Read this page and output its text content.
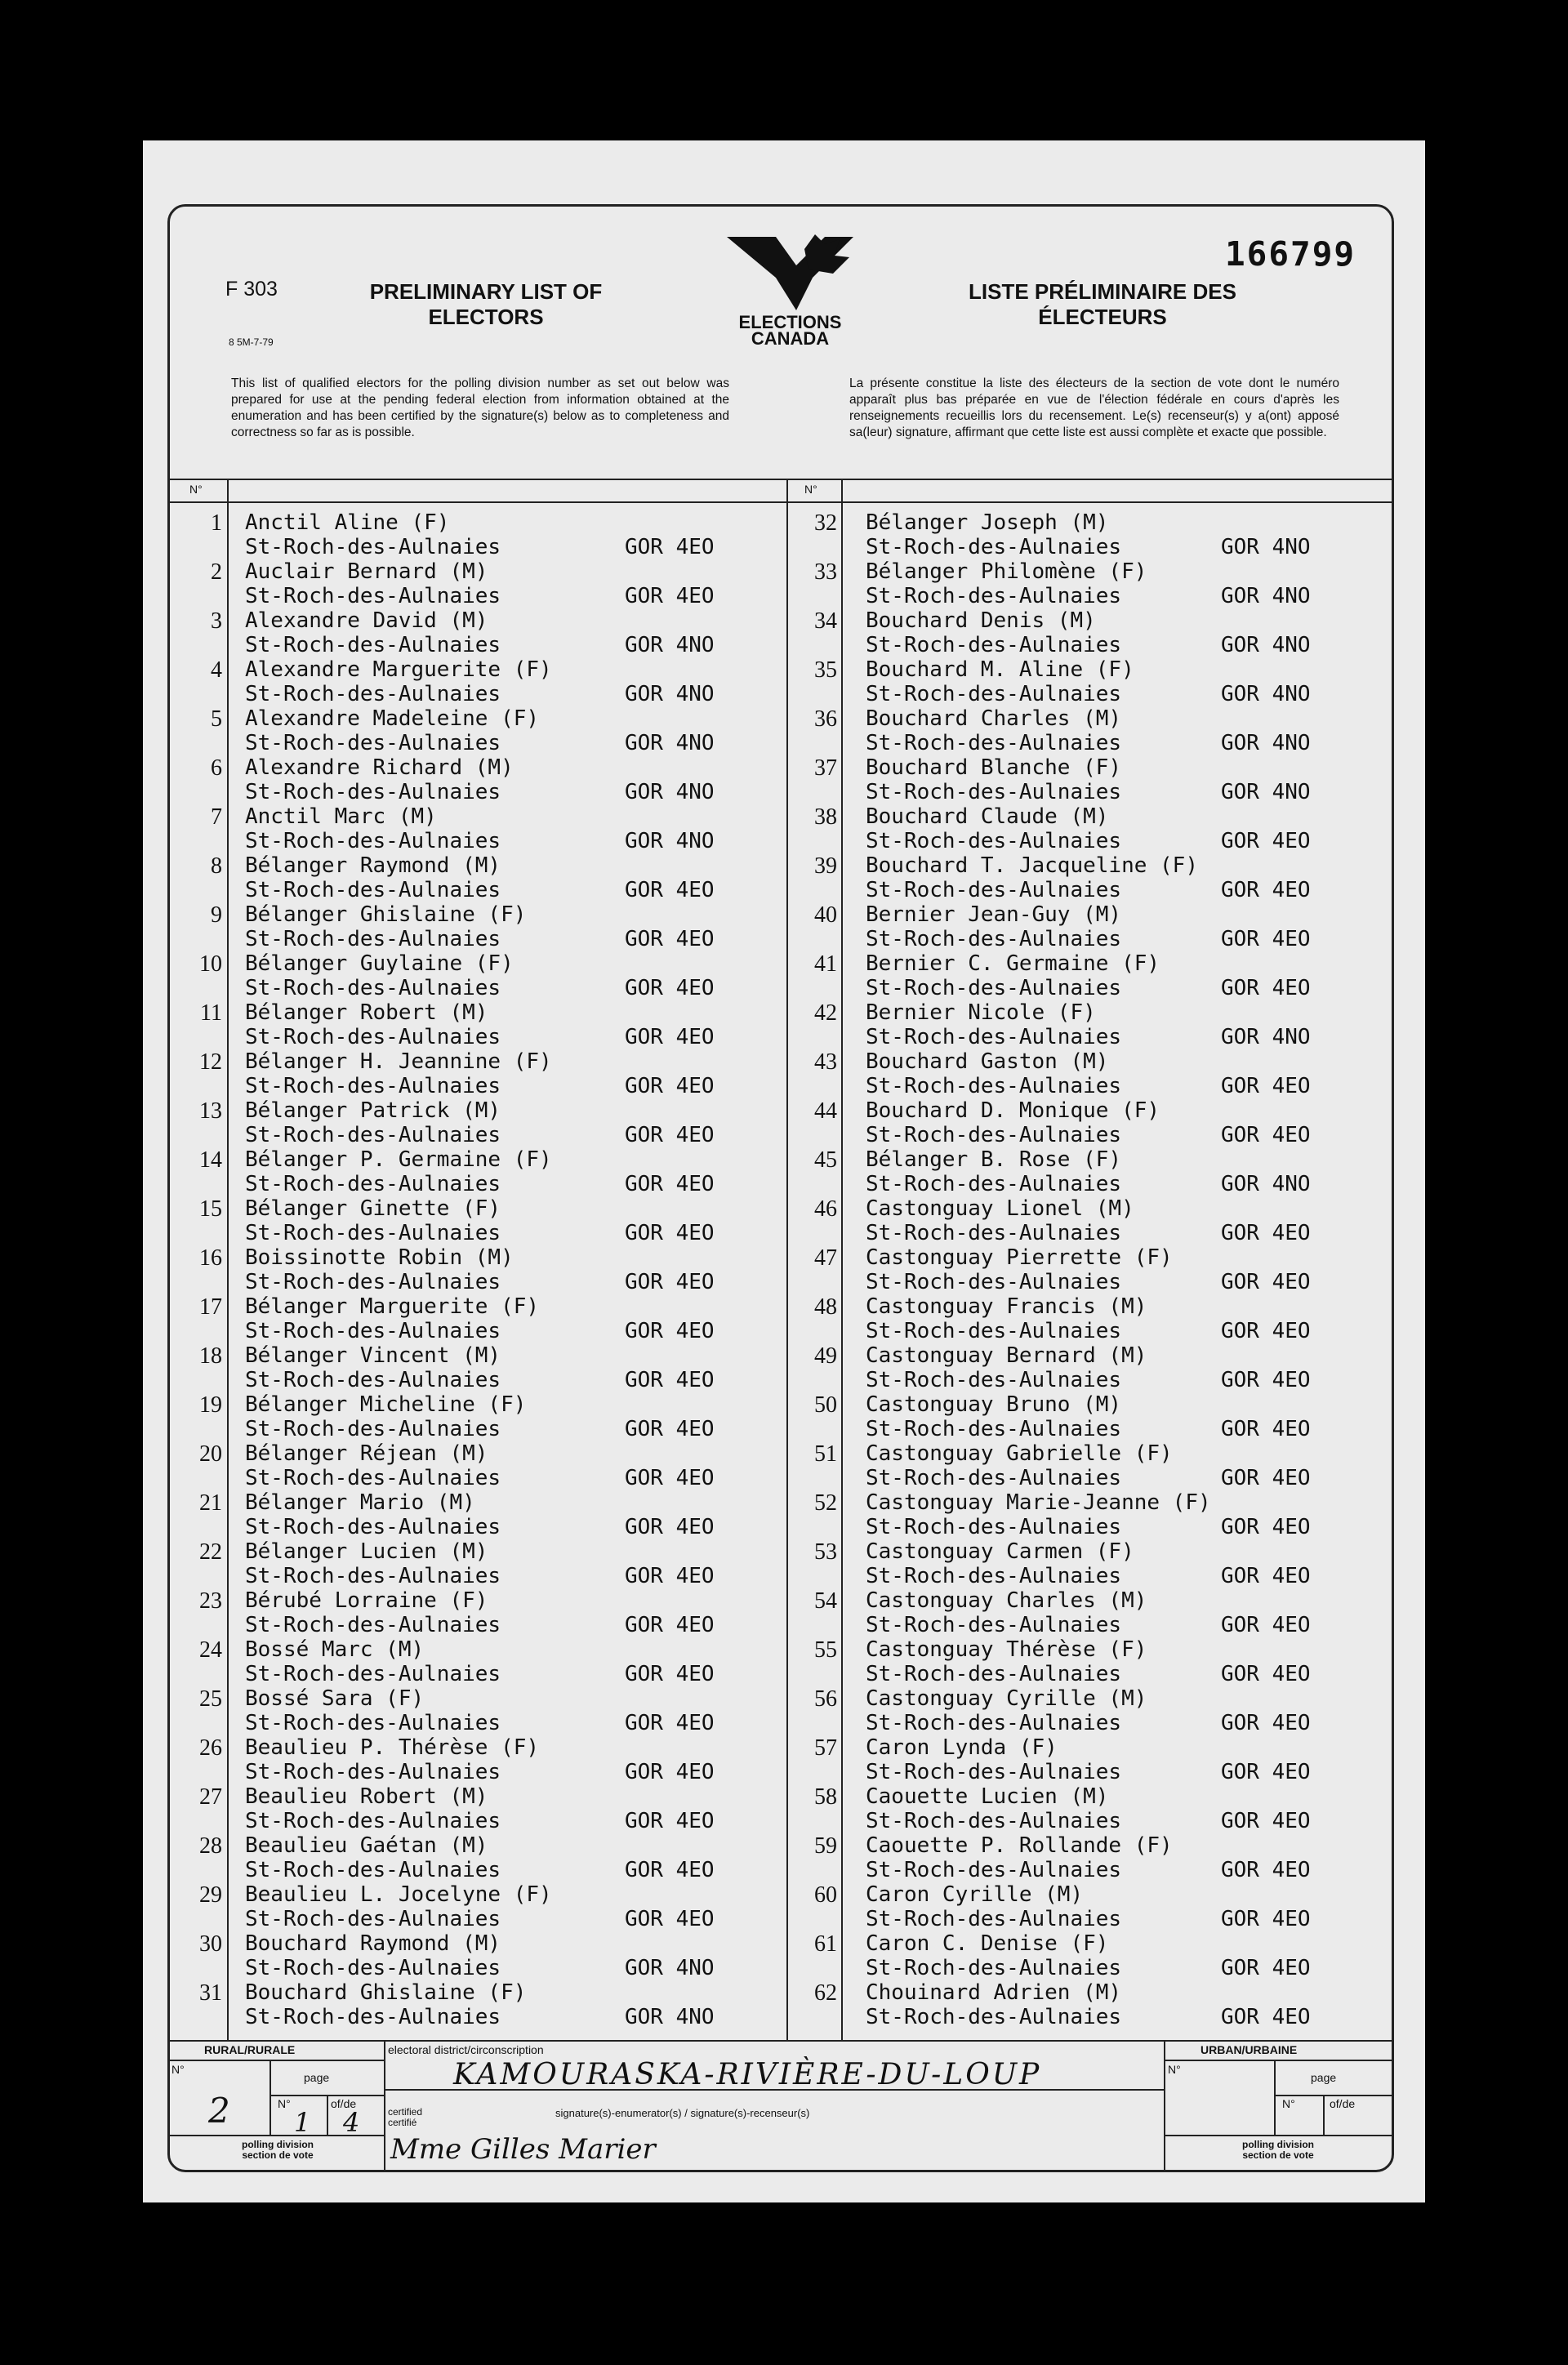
F 303
8 5M-7-79
166799
PRELIMINARY LIST OF ELECTORS
LISTE PRÉLIMINAIRE DES ÉLECTEURS
ELECTIONS
CANADA
This list of qualified electors for the polling division number as set out below was prepared for use at the pending federal election from information obtained at the enumeration and has been certified by the signature(s) below as to completeness and correctness so far as is possible.
La présente constitue la liste des électeurs de la section de vote dont le numéro apparaît plus bas préparée en vue de l'élection fédérale en cours d'après les renseignements recueillis lors du recensement. Le(s) recenseur(s) y a(ont) apposé sa(leur) signature, affirmant que cette liste est aussi complète et exacte que possible.
N°	N°
1 Anctil Aline (F)
St-Roch-des-Aulnaies	GOR 4EO
2 Auclair Bernard (M)
St-Roch-des-Aulnaies	GOR 4EO
3 Alexandre David (M)
St-Roch-des-Aulnaies	GOR 4NO
4 Alexandre Marguerite (F)
St-Roch-des-Aulnaies	GOR 4NO
5 Alexandre Madeleine (F)
St-Roch-des-Aulnaies	GOR 4NO
6 Alexandre Richard (M)
St-Roch-des-Aulnaies	GOR 4NO
7 Anctil Marc (M)
St-Roch-des-Aulnaies	GOR 4NO
8 Bélanger Raymond (M)
St-Roch-des-Aulnaies	GOR 4EO
9 Bélanger Ghislaine (F)
St-Roch-des-Aulnaies	GOR 4EO
10 Bélanger Guylaine (F)
St-Roch-des-Aulnaies	GOR 4EO
11 Bélanger Robert (M)
St-Roch-des-Aulnaies	GOR 4EO
12 Bélanger H. Jeannine (F)
St-Roch-des-Aulnaies	GOR 4EO
13 Bélanger Patrick (M)
St-Roch-des-Aulnaies	GOR 4EO
14 Bélanger P. Germaine (F)
St-Roch-des-Aulnaies	GOR 4EO
15 Bélanger Ginette (F)
St-Roch-des-Aulnaies	GOR 4EO
16 Boissinotte Robin (M)
St-Roch-des-Aulnaies	GOR 4EO
17 Bélanger Marguerite (F)
St-Roch-des-Aulnaies	GOR 4EO
18 Bélanger Vincent (M)
St-Roch-des-Aulnaies	GOR 4EO
19 Bélanger Micheline (F)
St-Roch-des-Aulnaies	GOR 4EO
20 Bélanger Réjean (M)
St-Roch-des-Aulnaies	GOR 4EO
21 Bélanger Mario (M)
St-Roch-des-Aulnaies	GOR 4EO
22 Bélanger Lucien (M)
St-Roch-des-Aulnaies	GOR 4EO
23 Bérubé Lorraine (F)
St-Roch-des-Aulnaies	GOR 4EO
24 Bossé Marc (M)
St-Roch-des-Aulnaies	GOR 4EO
25 Bossé Sara (F)
St-Roch-des-Aulnaies	GOR 4EO
26 Beaulieu P. Thérèse (F)
St-Roch-des-Aulnaies	GOR 4EO
27 Beaulieu Robert (M)
St-Roch-des-Aulnaies	GOR 4EO
28 Beaulieu Gaétan (M)
St-Roch-des-Aulnaies	GOR 4EO
29 Beaulieu L. Jocelyne (F)
St-Roch-des-Aulnaies	GOR 4EO
30 Bouchard Raymond (M)
St-Roch-des-Aulnaies	GOR 4NO
31 Bouchard Ghislaine (F)
St-Roch-des-Aulnaies	GOR 4NO
32 Bélanger Joseph (M)
St-Roch-des-Aulnaies	GOR 4NO
33 Bélanger Philomène (F)
St-Roch-des-Aulnaies	GOR 4NO
34 Bouchard Denis (M)
St-Roch-des-Aulnaies	GOR 4NO
35 Bouchard M. Aline (F)
St-Roch-des-Aulnaies	GOR 4NO
36 Bouchard Charles (M)
St-Roch-des-Aulnaies	GOR 4NO
37 Bouchard Blanche (F)
St-Roch-des-Aulnaies	GOR 4NO
38 Bouchard Claude (M)
St-Roch-des-Aulnaies	GOR 4EO
39 Bouchard T. Jacqueline (F)
St-Roch-des-Aulnaies	GOR 4EO
40 Bernier Jean-Guy (M)
St-Roch-des-Aulnaies	GOR 4EO
41 Bernier C. Germaine (F)
St-Roch-des-Aulnaies	GOR 4EO
42 Bernier Nicole (F)
St-Roch-des-Aulnaies	GOR 4NO
43 Bouchard Gaston (M)
St-Roch-des-Aulnaies	GOR 4EO
44 Bouchard D. Monique (F)
St-Roch-des-Aulnaies	GOR 4EO
45 Bélanger B. Rose (F)
St-Roch-des-Aulnaies	GOR 4NO
46 Castonguay Lionel (M)
St-Roch-des-Aulnaies	GOR 4EO
47 Castonguay Pierrette (F)
St-Roch-des-Aulnaies	GOR 4EO
48 Castonguay Francis (M)
St-Roch-des-Aulnaies	GOR 4EO
49 Castonguay Bernard (M)
St-Roch-des-Aulnaies	GOR 4EO
50 Castonguay Bruno (M)
St-Roch-des-Aulnaies	GOR 4EO
51 Castonguay Gabrielle (F)
St-Roch-des-Aulnaies	GOR 4EO
52 Castonguay Marie-Jeanne (F)
St-Roch-des-Aulnaies	GOR 4EO
53 Castonguay Carmen (F)
St-Roch-des-Aulnaies	GOR 4EO
54 Castonguay Charles (M)
St-Roch-des-Aulnaies	GOR 4EO
55 Castonguay Thérèse (F)
St-Roch-des-Aulnaies	GOR 4EO
56 Castonguay Cyrille (M)
St-Roch-des-Aulnaies	GOR 4EO
57 Caron Lynda (F)
St-Roch-des-Aulnaies	GOR 4EO
58 Caouette Lucien (M)
St-Roch-des-Aulnaies	GOR 4EO
59 Caouette P. Rollande (F)
St-Roch-des-Aulnaies	GOR 4EO
60 Caron Cyrille (M)
St-Roch-des-Aulnaies	GOR 4EO
61 Caron C. Denise (F)
St-Roch-des-Aulnaies	GOR 4EO
62 Chouinard Adrien (M)
St-Roch-des-Aulnaies	GOR 4EO
RURAL/RURALE	URBAN/URBAINE
electoral district/circonscription
KAMOURASKA-RIVIÈRE-DU-LOUP
N°
page
N°	of/de
2 1 4
N°
page
N°	of/de
certified
certifié
signature(s)-enumerator(s) / signature(s)-recenseur(s)
Mme Gilles Marier
polling division
section de vote
polling division
section de vote
